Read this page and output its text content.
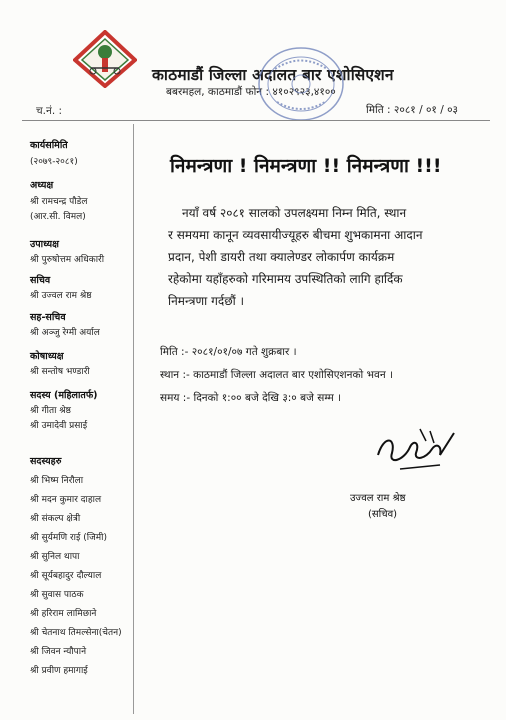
काठमाडौं जिल्ला अदालत बार एशोसिएशन
बबरमहल, काठमाडौं फोन : ४१०२९२३,४१००
च.नं. :	मिति : २०८१ / ०१ / ०३
कार्यसमिति
(२०७९-२०८१)
अध्यक्ष
श्री रामचन्द्र पौडेल
(आर.सी. विमल)
उपाध्यक्ष
श्री पुरुषोत्तम अधिकारी
सचिव
श्री उज्वल राम श्रेष्ठ
सह-सचिव
श्री अञ्जु रेग्मी अर्याल
कोषाध्यक्ष
श्री सन्तोष भण्डारी
सदस्य (महिलातर्फ)
श्री गीता श्रेष्ठ
श्री उमादेवी प्रसाई
सदस्यहरु
श्री भिष्म निरौला
श्री मदन कुमार दाहाल
श्री संकल्प क्षेत्री
श्री सुर्यमणि राई (जिमी)
श्री सुनिल थापा
श्री सूर्यबहादुर दौल्याल
श्री सुवास पाठक
श्री हरिराम लामिछाने
श्री चेतनाथ तिमल्सेना(चेतन)
श्री जिवन न्यौपाने
श्री प्रवीण हमागाई
निमन्त्रणा ! निमन्त्रणा !! निमन्त्रणा !!!
नयाँ वर्ष २०८१ सालको उपलक्ष्यमा निम्न मिति, स्थान
र समयमा कानून व्यवसायीज्यूहरु बीचमा शुभकामना आदान
प्रदान, पेशी डायरी तथा क्यालेण्डर लोकार्पण कार्यक्रम
रहेकोमा यहाँहरुको गरिमामय उपस्थितिको लागि हार्दिक
निमन्त्रणा गर्दछौं ।
मिति :- २०८१/०१/०७ गते शुक्रबार ।
स्थान :- काठमाडौं जिल्ला अदालत बार एशोसिएशनको भवन ।
समय :- दिनको १:०० बजे देखि ३:० बजे सम्म ।
उज्वल राम श्रेष्ठ
(सचिव)
